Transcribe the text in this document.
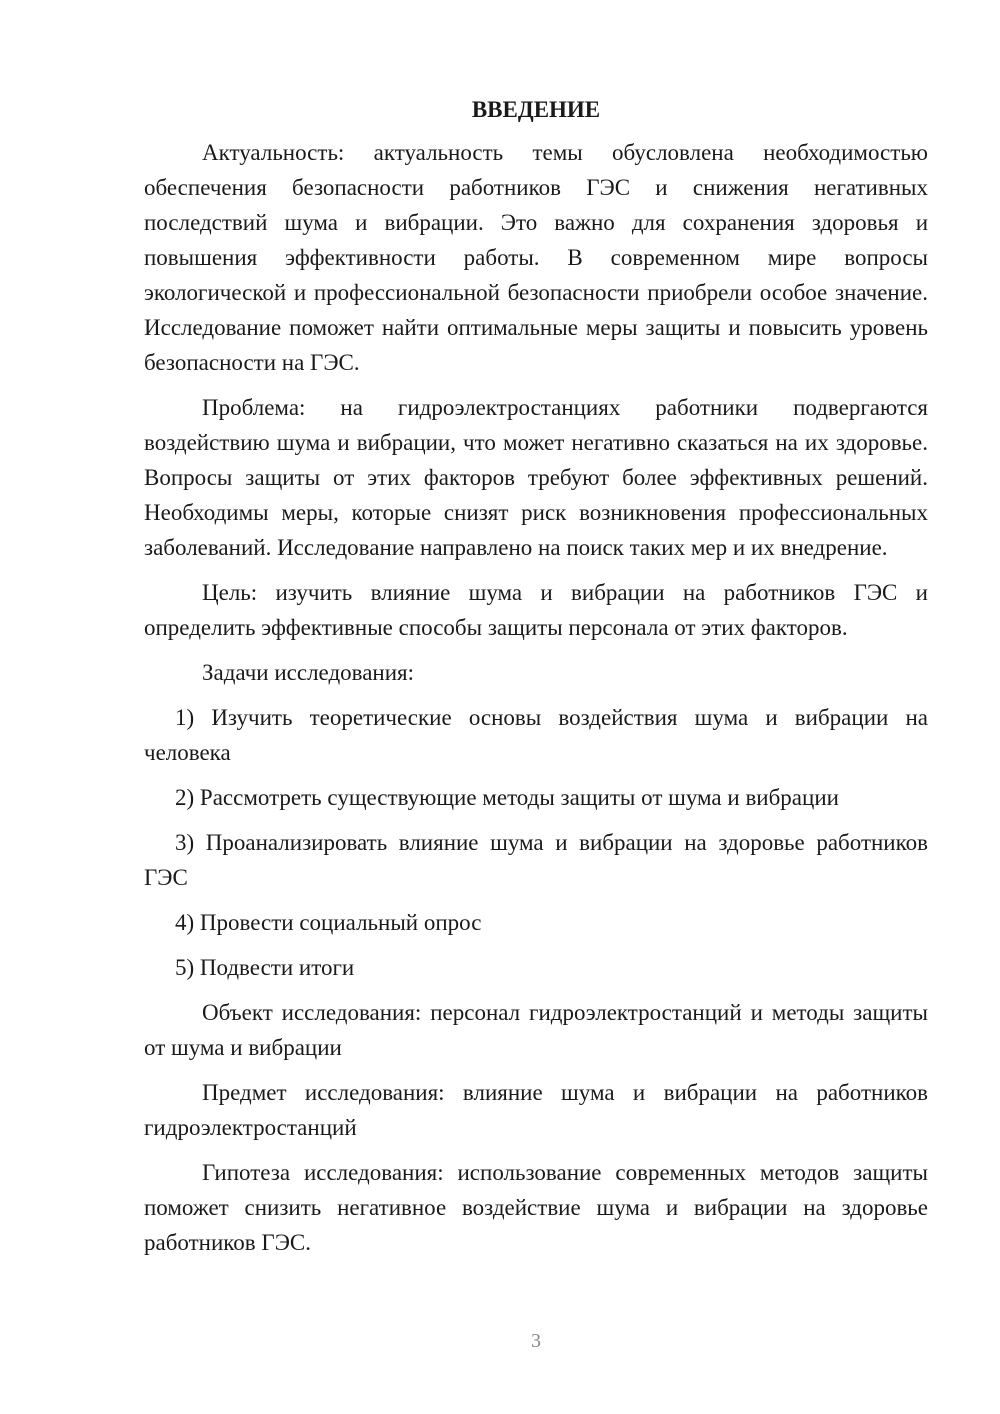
ВВЕДЕНИЕ

Актуальность: актуальность темы обусловлена необходимостью обеспечения безопасности работников ГЭС и снижения негативных последствий шума и вибрации. Это важно для сохранения здоровья и повышения эффективности работы. В современном мире вопросы экологической и профессиональной безопасности приобрели особое значение. Исследование поможет найти оптимальные меры защиты и повысить уровень безопасности на ГЭС.

Проблема: на гидроэлектростанциях работники подвергаются воздействию шума и вибрации, что может негативно сказаться на их здоровье. Вопросы защиты от этих факторов требуют более эффективных решений. Необходимы меры, которые снизят риск возникновения профессиональных заболеваний. Исследование направлено на поиск таких мер и их внедрение.

Цель: изучить влияние шума и вибрации на работников ГЭС и определить эффективные способы защиты персонала от этих факторов.

Задачи исследования:

1) Изучить теоретические основы воздействия шума и вибрации на человека

2) Рассмотреть существующие методы защиты от шума и вибрации

3) Проанализировать влияние шума и вибрации на здоровье работников ГЭС

4) Провести социальный опрос

5) Подвести итоги

Объект исследования: персонал гидроэлектростанций и методы защиты от шума и вибрации

Предмет исследования: влияние шума и вибрации на работников гидроэлектростанций

Гипотеза исследования: использование современных методов защиты поможет снизить негативное воздействие шума и вибрации на здоровье работников ГЭС.

3
